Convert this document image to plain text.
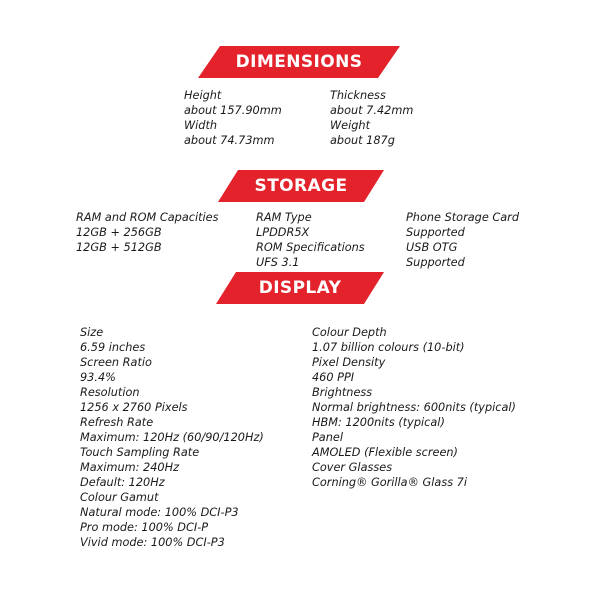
DIMENSIONS
Height
about 157.90mm
Width
about 74.73mm
Thickness
about 7.42mm
Weight
about 187g
STORAGE
RAM and ROM Capacities
12GB + 256GB
12GB + 512GB
RAM Type
LPDDR5X
ROM Specifications
UFS 3.1
Phone Storage Card
Supported
USB OTG
Supported
DISPLAY
Size
6.59 inches
Screen Ratio
93.4%
Resolution
1256 x 2760 Pixels
Refresh Rate
Maximum: 120Hz (60/90/120Hz)
Touch Sampling Rate
Maximum: 240Hz
Default: 120Hz
Colour Gamut
Natural mode: 100% DCI-P3
Pro mode: 100% DCI-P
Vivid mode: 100% DCI-P3
Colour Depth
1.07 billion colours (10-bit)
Pixel Density
460 PPI
Brightness
Normal brightness: 600nits (typical)
HBM: 1200nits (typical)
Panel
AMOLED (Flexible screen)
Cover Glasses
Corning® Gorilla® Glass 7i
